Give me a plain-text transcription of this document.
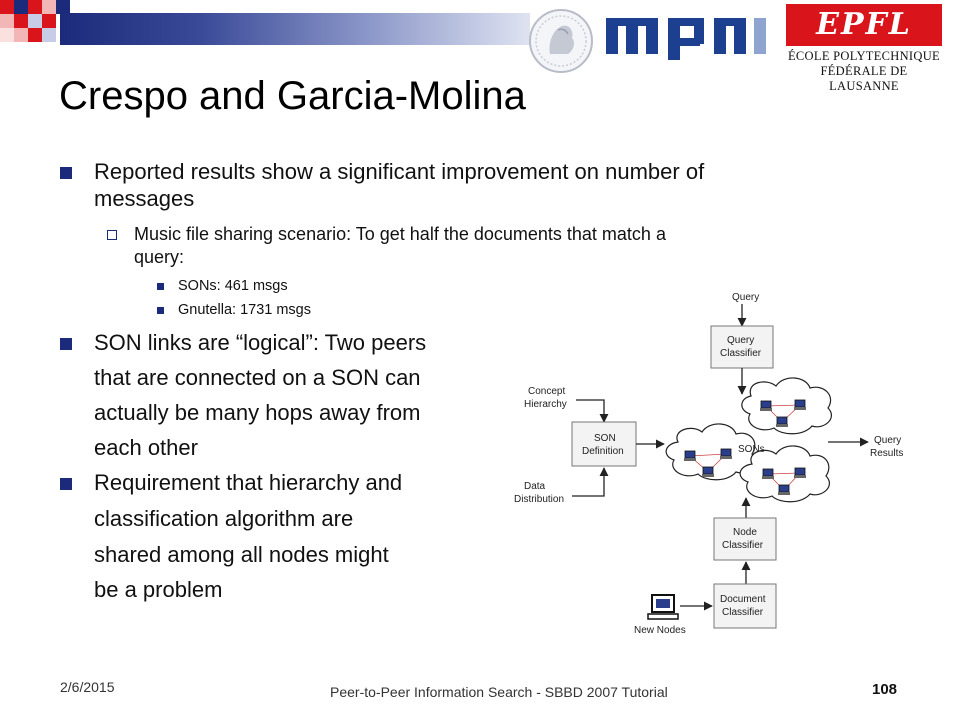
EPFL
ÉCOLE POLYTECHNIQUE
FÉDÉRALE DE LAUSANNE
Crespo and Garcia-Molina
Reported results show a significant improvement on number of
messages
Music file sharing scenario: To get half the documents that match a
query:
SONs: 461 msgs
Gnutella: 1731 msgs
SON links are “logical”: Two peers
that are connected on a SON can
actually be many hops away from
each other
Requirement that hierarchy and
classification algorithm are
shared among all nodes might
be a problem
Query
Query
Classifier
Concept
Hierarchy
SON
Definition
Data
Distribution
SONs
Query
Results
Node
Classifier
Document
Classifier
New Nodes
2/6/2015	Peer-to-Peer Information Search - SBBD 2007 Tutorial	108
